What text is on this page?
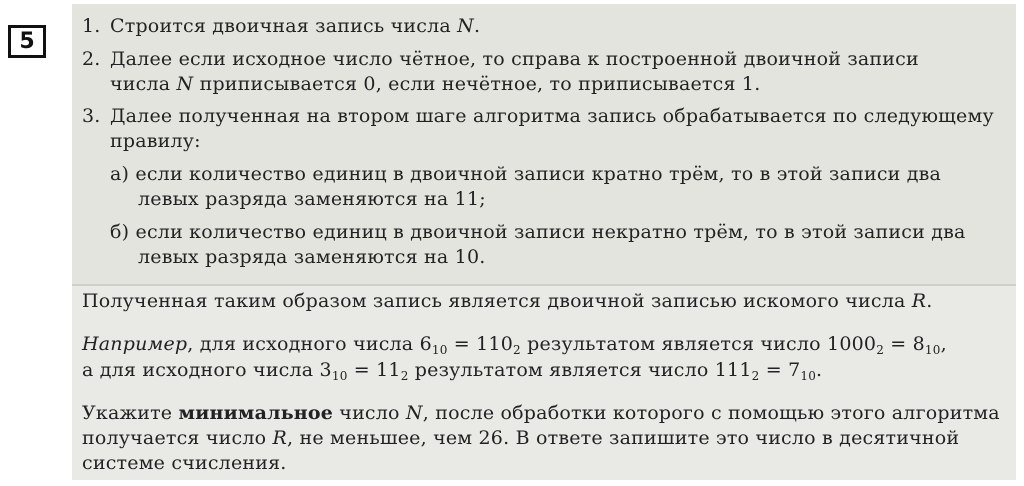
5
1. Строится двоичная запись числа N.
2. Далее если исходное число чётное, то справа к построенной двоичной записи
числа N приписывается 0, если нечётное, то приписывается 1.
3. Далее полученная на втором шаге алгоритма запись обрабатывается по следующему
правилу:
а) если количество единиц в двоичной записи кратно трём, то в этой записи два
левых разряда заменяются на 11;
б) если количество единиц в двоичной записи некратно трём, то в этой записи два
левых разряда заменяются на 10.
Полученная таким образом запись является двоичной записью искомого числа R.
Например, для исходного числа $6_{10} = 110_2$ результатом является число $1000_2 = 8_{10}$,
а для исходного числа $3_{10} = 11_2$ результатом является число $111_2 = 7_{10}$.
Укажите минимальное число N, после обработки которого с помощью этого алгоритма
получается число R, не меньшее, чем 26. В ответе запишите это число в десятичной
системе счисления.
